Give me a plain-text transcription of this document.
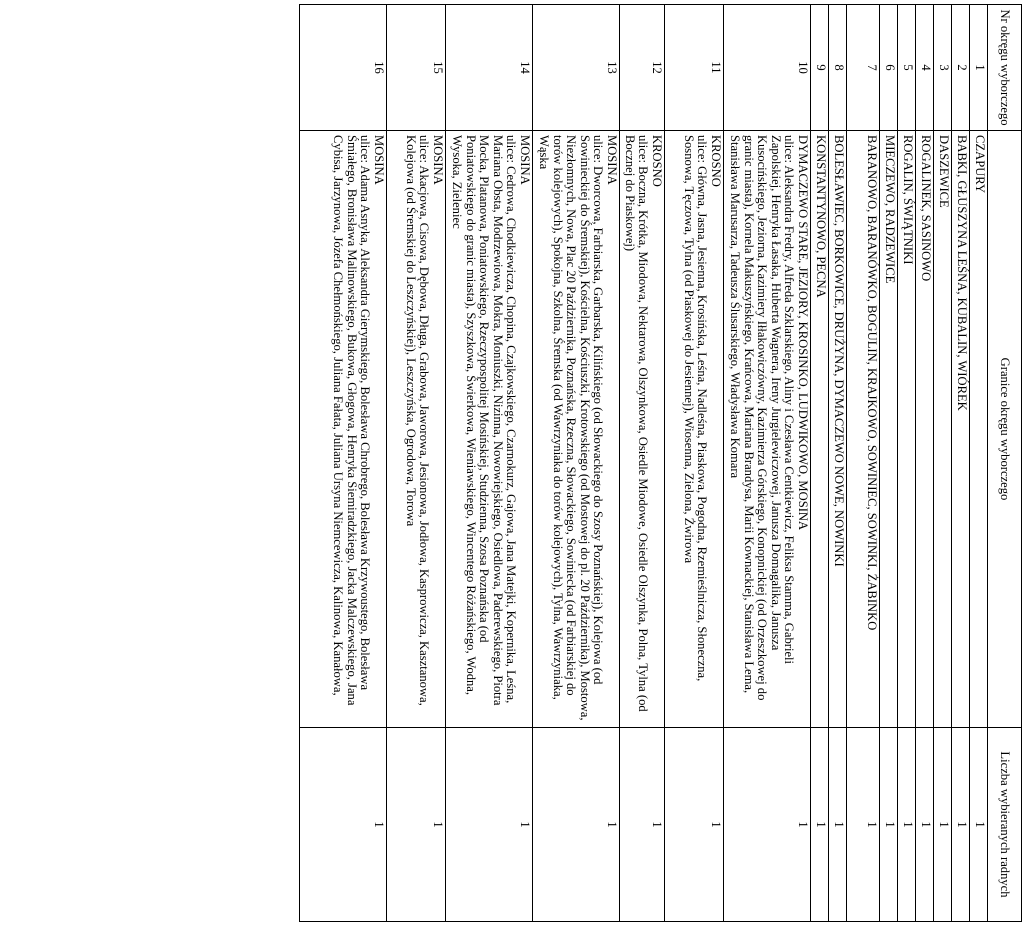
Nr okręgu wyborczego	Granice okręgu wyborczego	Liczba wybieranych radnych
1	CZAPURY	1
2	BABKI, GŁUSZYNA LEŚNA, KUBALIN, WIÓREK	1
3	DASZEWICE	1
4	ROGALINEK, SASINOWO	1
5	ROGALIN, ŚWIĄTNIKI	1
6	MIECZEWO, RADZEWICE	1
7	BARANOWO, BARANÓWKO, BOGULIN, KRAJKOWO, SOWINIEC, SOWINKI, ŻABINKO	1
8	BOLESŁAWIEC, BORKOWICE, DRUŻYNA, DYMACZEWO NOWE, NOWINKI	1
9	KONSTANTYNOWO, PECNA	1
10	DYMACZEWO STARE, JEZIORY, KROSINKO, LUDWIKOWO, MOSINA
ulice: Aleksandra Fredry, Alfreda Szklarskiego, Aliny i Czesława Centkiewicz, Feliksa Stamma, Gabrieli Zapolskiej, Henryka Łasaka, Huberta Wagnera, Ireny Jurgielewiczowej, Janusza Domagalika, Janusza Kusocińskiego, Jeziorna, Kazimiery Iłłakowiczówny, Kazimierza Górskiego, Konopnickiej (od Orzeszkowej do granic miasta), Kornela Makuszyńskiego, Krańcowa, Mariana Brandysa, Marii Kownackiej, Stanisława Lema, Stanisława Marusarza, Tadeusza Ślusarskiego, Władysława Komara	1
11	KROSNO
ulice: Główna, Jasna, Jesienna, Krosińska, Leśna, Nadleśna, Piaskowa, Pogodna, Rzemieślnicza, Słoneczna, Sosnowa, Tęczowa, Tylna (od Piaskowej do Jesiennej), Wiosenna, Zielona, Żwirowa	1
12	KROSNO
ulice: Boczna, Krótka, Miodowa, Nektarowa, Olszynkowa, Osiedle Miodowe, Osiedle Olszynka, Polna, Tylna (od Bocznej do Piaskowej)	1
13	MOSINA
ulice: Dworcowa, Farbiarska, Garbarska, Kilińskiego (od Słowackiego do Szosy Poznańskiej), Kolejowa (od Sowinieckiej do Śremskiej), Kościelna, Kościuszki, Krotowskiego (od Mostowej do pl. 20 Października), Mostowa, Niezłomnych, Nowa, Plac 20 Października, Poznańska, Rzeczna, Słowackiego, Sowiniecka (od Farbiarskiej do torów kolejowych), Spokojna, Szkolna, Śremska (od Wawrzyniaka do torów kolejowych), Tylna, Wawrzyniaka, Wąska	1
14	MOSINA
ulice: Cedrowa, Chodkiewicza, Chopina, Czajkowskiego, Czarnokurz, Gajowa, Jana Matejki, Kopernika, Leśna, Mariana Obsta, Modrzewiowa, Mokra, Moniuszki, Nizinna, Nowowiejskiego, Osiedlowa, Paderewskiego, Piotra Mocka, Platanowa, Poniatowskiego, Rzeczypospolitej Mosińskiej, Studzienna, Szosa Poznańska (od Poniatowskiego do granic miasta), Szyszkowa, Świerkowa, Wieniawskiego, Wincentego Różańskiego, Wodna, Wysoka, Zieleniec	1
15	MOSINA
ulice: Akacjowa, Cisowa, Dębowa, Długa, Grabowa, Jaworowa, Jesionowa, Jodłowa, Kasprowicza, Kasztanowa, Kolejowa (od Śremskiej do Leszczyńskiej), Leszczyńska, Ogrodowa, Torowa	1
16	MOSINA
ulice: Adama Asnyka, Aleksandra Gierymskiego, Bolesława Chrobrego, Bolesława Krzywoustego, Bolesława Śmiałego, Bronisława Malinowskiego, Bukowa, Głogowa, Henryka Siemiradzkiego, Jacka Malczewskiego, Jana Cybisa, Jarzynowa, Józefa Chełmońskiego, Juliana Fałata, Juliana Ursyna Niemcewicza, Kalinowa, Kanałowa,	1
